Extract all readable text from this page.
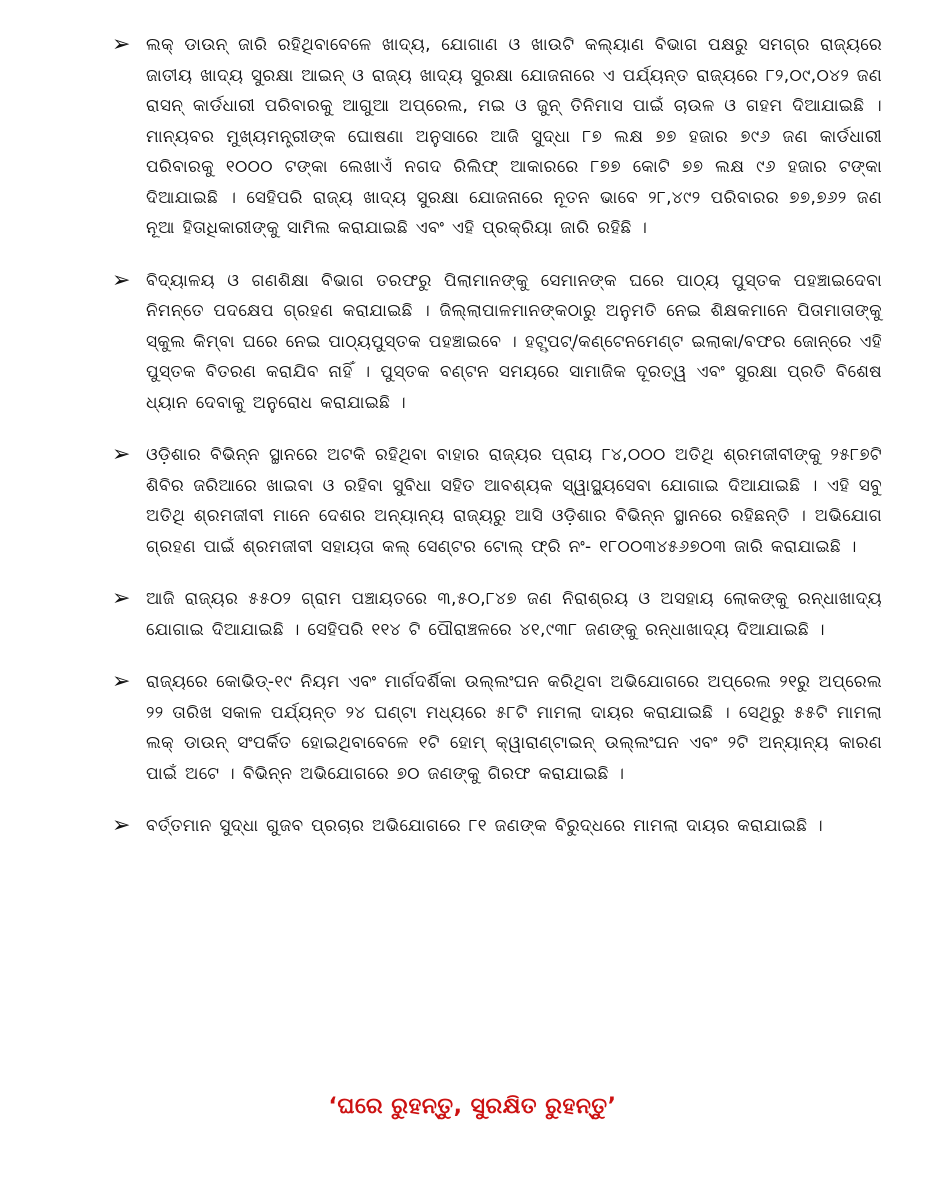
➢ ଲକ୍ ଡାଉନ୍ ଜାରି ରହିଥିବାବେଳେ ଖାଦ୍ୟ, ଯୋଗାଣ ଓ ଖାଉଟି କଲ୍ୟାଣ ବିଭାଗ ପକ୍ଷରୁ ସମଗ୍ର ରାଜ୍ୟରେ ଜାତୀୟ ଖାଦ୍ୟ ସୁରକ୍ଷା ଆଇନ୍ ଓ ରାଜ୍ୟ ଖାଦ୍ୟ ସୁରକ୍ଷା ଯୋଜନାରେ ଏ ପର୍ଯ୍ୟନ୍ତ ରାଜ୍ୟରେ ୮୨,୦୯,୦୪୨ ଜଣ ରାସନ୍ କାର୍ଡଧାରୀ ପରିବାରକୁ ଆଗୁଆ ଅପ୍ରେଲ, ମଇ ଓ ଜୁନ୍ ତିନିମାସ ପାଇଁ ଚାଉଳ ଓ ଗହମ ଦିଆଯାଇଛି । ମାନ୍ୟବର ମୁଖ୍ୟମନ୍ତ୍ରୀଙ୍କ ଘୋଷଣା ଅନୁସାରେ ଆଜି ସୁଦ୍ଧା ୮୭ ଲକ୍ଷ ୭୭ ହଜାର ୭୯୬ ଜଣ କାର୍ଡଧାରୀ ପରିବାରକୁ ୧୦୦୦ ଟଙ୍କା ଲେଖାଏଁ ନଗଦ ରିଲିଫ୍ ଆକାରରେ ୮୭୭ କୋଟି ୭୭ ଲକ୍ଷ ୯୬ ହଜାର ଟଙ୍କା ଦିଆଯାଇଛି । ସେହିପରି ରାଜ୍ୟ ଖାଦ୍ୟ ସୁରକ୍ଷା ଯୋଜନାରେ ନୂତନ ଭାବେ ୨୮,୪୯୨ ପରିବାରର ୭୭,୭୬୨ ଜଣ ନୂଆ ହିତାଧିକାରୀଙ୍କୁ ସାମିଲ କରାଯାଇଛି ଏବଂ ଏହି ପ୍ରକ୍ରିୟା ଜାରି ରହିଛି ।
➢ ବିଦ୍ୟାଳୟ ଓ ଗଣଶିକ୍ଷା ବିଭାଗ ତରଫରୁ ପିଲାମାନଙ୍କୁ ସେମାନଙ୍କ ଘରେ ପାଠ୍ୟ ପୁସ୍ତକ ପହଞ୍ଚାଇଦେବା ନିମନ୍ତେ ପଦକ୍ଷେପ ଗ୍ରହଣ କରାଯାଇଛି । ଜିଲ୍ଲାପାଳମାନଙ୍କଠାରୁ ଅନୁମତି ନେଇ ଶିକ୍ଷକମାନେ ପିତାମାତାଙ୍କୁ ସ୍କୁଲ କିମ୍ବା ଘରେ ନେଇ ପାଠ୍ୟପୁସ୍ତକ ପହଞ୍ଚାଇବେ । ହଟ୍ସ୍ପଟ୍/କଣ୍ଟେନମେଣ୍ଟ ଇଲାକା/ବଫର ଜୋନ୍‌ରେ ଏହି ପୁସ୍ତକ ବିତରଣ କରାଯିବ ନାହିଁ । ପୁସ୍ତକ ବଣ୍ଟନ ସମୟରେ ସାମାଜିକ ଦୂରତ୍ୱ ଏବଂ ସୁରକ୍ଷା ପ୍ରତି ବିଶେଷ ଧ୍ୟାନ ଦେବାକୁ ଅନୁରୋଧ କରାଯାଇଛି ।
➢ ଓଡ଼ିଶାର ବିଭିନ୍ନ ସ୍ଥାନରେ ଅଟକି ରହିଥିବା ବାହାର ରାଜ୍ୟର ପ୍ରାୟ ୮୪,୦୦୦ ଅତିଥି ଶ୍ରମଜୀବୀଙ୍କୁ ୨୫୮୭ଟି ଶିବିର ଜରିଆରେ ଖାଇବା ଓ ରହିବା ସୁବିଧା ସହିତ ଆବଶ୍ୟକ ସ୍ୱାସ୍ଥ୍ୟସେବା ଯୋଗାଇ ଦିଆଯାଇଛି । ଏହି ସବୁ ଅତିଥି ଶ୍ରମଜୀବୀ ମାନେ ଦେଶର ଅନ୍ୟାନ୍ୟ ରାଜ୍ୟରୁ ଆସି ଓଡ଼ିଶାର ବିଭିନ୍ନ ସ୍ଥାନରେ ରହିଛନ୍ତି । ଅଭିଯୋଗ ଗ୍ରହଣ ପାଇଁ ଶ୍ରମଜୀବୀ ସହାୟତା କଲ୍ ସେଣ୍ଟର ଟୋଲ୍ ଫ୍ରି ନଂ- ୧୮୦୦୩୪୫୬୭୦୩ ଜାରି କରାଯାଇଛି ।
➢ ଆଜି ରାଜ୍ୟର ୫୫୦୨ ଗ୍ରାମ ପଞ୍ଚାୟତରେ ୩,୫୦,୮୪୭ ଜଣ ନିରାଶ୍ରୟ ଓ ଅସହାୟ ଲୋକଙ୍କୁ ରନ୍ଧାଖାଦ୍ୟ ଯୋଗାଇ ଦିଆଯାଇଛି । ସେହିପରି ୧୧୪ ଟି ପୌରାଞ୍ଚଳରେ ୪୧,୯୩୮ ଜଣଙ୍କୁ ରନ୍ଧାଖାଦ୍ୟ ଦିଆଯାଇଛି ।
➢ ରାଜ୍ୟରେ କୋଭିଡ୍-୧୯ ନିୟମ ଏବଂ ମାର୍ଗଦର୍ଶିକା ଉଲ୍ଲଂଘନ କରିଥିବା ଅଭିଯୋଗରେ ଅପ୍ରେଲ ୨୧ରୁ ଅପ୍ରେଲ ୨୨ ତାରିଖ ସକାଳ ପର୍ଯ୍ୟନ୍ତ ୨୪ ଘଣ୍ଟା ମଧ୍ୟରେ ୫୮ଟି ମାମଲା ଦାୟର କରାଯାଇଛି । ସେଥିରୁ ୫୫ଟି ମାମଲା ଲକ୍ ଡାଉନ୍ ସଂପର୍କିତ ହୋଇଥିବାବେଳେ ୧ଟି ହୋମ୍ କ୍ୱାରାଣ୍ଟାଇନ୍ ଉଲ୍ଲଂଘନ ଏବଂ ୨ଟି ଅନ୍ୟାନ୍ୟ କାରଣ ପାଇଁ ଅଟେ । ବିଭିନ୍ନ ଅଭିଯୋଗରେ ୭୦ ଜଣଙ୍କୁ ଗିରଫ କରାଯାଇଛି ।
➢ ବର୍ତ୍ତମାନ ସୁଦ୍ଧା ଗୁଜବ ପ୍ରଚାର ଅଭିଯୋଗରେ ୮୧ ଜଣଙ୍କ ବିରୁଦ୍ଧରେ ମାମଲା ଦାୟର କରାଯାଇଛି ।
‘ଘରେ ରୁହନ୍ତୁ, ସୁରକ୍ଷିତ ରୁହନ୍ତୁ’
